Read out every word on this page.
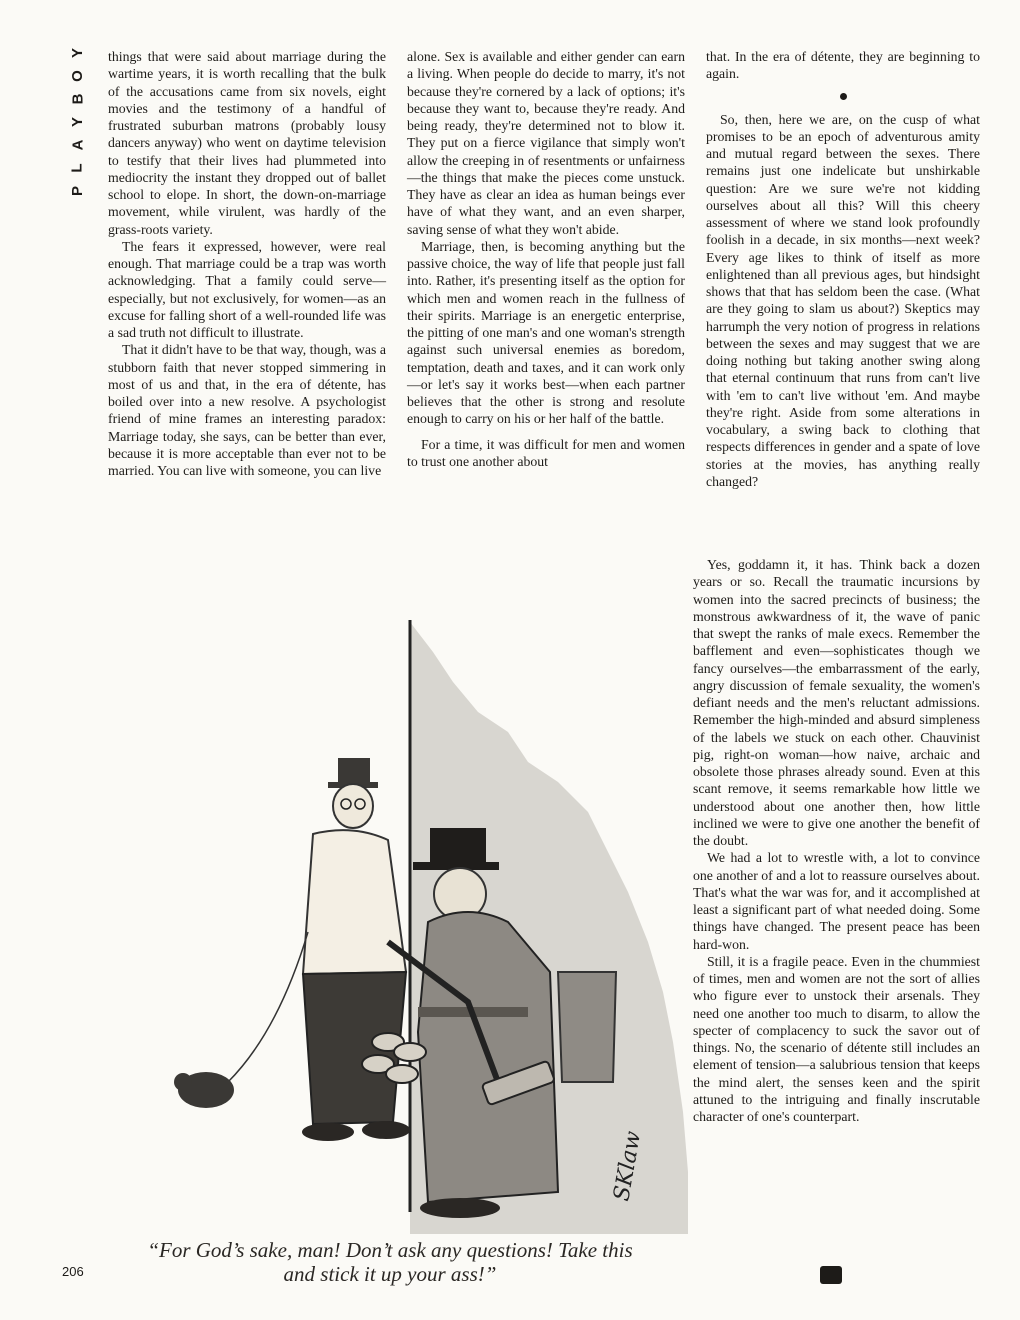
Y
O
B
Y
A
L
P

things that were said about marriage during the wartime years, it is worth recalling that the bulk of the accusations came from six novels, eight movies and the testimony of a handful of frustrated suburban matrons (probably lousy dancers anyway) who went on daytime television to testify that their lives had plummeted into mediocrity the instant they dropped out of ballet school to elope. In short, the down-on-marriage movement, while virulent, was hardly of the grass-roots variety.

The fears it expressed, however, were real enough. That marriage could be a trap was worth acknowledging. That a family could serve—especially, but not exclusively, for women—as an excuse for falling short of a well-rounded life was a sad truth not difficult to illustrate.

That it didn't have to be that way, though, was a stubborn faith that never stopped simmering in most of us and that, in the era of détente, has boiled over into a new resolve. A psychologist friend of mine frames an interesting paradox: Marriage today, she says, can be better than ever, because it is more acceptable than ever not to be married. You can live with someone, you can live

alone. Sex is available and either gender can earn a living. When people do decide to marry, it's not because they're cornered by a lack of options; it's because they want to, because they're ready. And being ready, they're determined not to blow it. They put on a fierce vigilance that simply won't allow the creeping in of resentments or unfairness—the things that make the pieces come unstuck. They have as clear an idea as human beings ever have of what they want, and an even sharper, saving sense of what they won't abide.

Marriage, then, is becoming anything but the passive choice, the way of life that people just fall into. Rather, it's presenting itself as the option for which men and women reach in the fullness of their spirits. Marriage is an energetic enterprise, the pitting of one man's and one woman's strength against such universal enemies as boredom, temptation, death and taxes, and it can work only—or let's say it works best—when each partner believes that the other is strong and resolute enough to carry on his or her half of the battle.

For a time, it was difficult for men and women to trust one another about

that. In the era of détente, they are beginning to again.

So, then, here we are, on the cusp of what promises to be an epoch of adventurous amity and mutual regard between the sexes. There remains just one indelicate but unshirkable question: Are we sure we're not kidding ourselves about all this? Will this cheery assessment of where we stand look profoundly foolish in a decade, in six months—next week? Every age likes to think of itself as more enlightened than all previous ages, but hindsight shows that that has seldom been the case. (What are they going to slam us about?) Skeptics may harrumph the very notion of progress in relations between the sexes and may suggest that we are doing nothing but taking another swing along that eternal continuum that runs from can't live with 'em to can't live without 'em. And maybe they're right. Aside from some alterations in vocabulary, a swing back to clothing that respects differences in gender and a spate of love stories at the movies, has anything really changed?

Yes, goddamn it, it has. Think back a dozen years or so. Recall the traumatic incursions by women into the sacred precincts of business; the monstrous awkwardness of it, the wave of panic that swept the ranks of male execs. Remember the bafflement and even—sophisticates though we fancy ourselves—the embarrassment of the early, angry discussion of female sexuality, the women's defiant needs and the men's reluctant admissions. Remember the high-minded and absurd simpleness of the labels we stuck on each other. Chauvinist pig, right-on woman—how naive, archaic and obsolete those phrases already sound. Even at this scant remove, it seems remarkable how little we understood about one another then, how little inclined we were to give one another the benefit of the doubt.

We had a lot to wrestle with, a lot to convince one another of and a lot to reassure ourselves about. That's what the war was for, and it accomplished at least a significant part of what needed doing. Some things have changed. The present peace has been hard-won.

Still, it is a fragile peace. Even in the chummiest of times, men and women are not the sort of allies who figure ever to unstock their arsenals. They need one another too much to disarm, to allow the specter of complacency to suck the savor out of things. No, the scenario of détente still includes an element of tension—a salubrious tension that keeps the mind alert, the senses keen and the spirit attuned to the intriguing and finally inscrutable character of one's counterpart.

SKlaw
“For God’s sake, man! Don’t ask any questions! Take this and stick it up your ass!”
206
